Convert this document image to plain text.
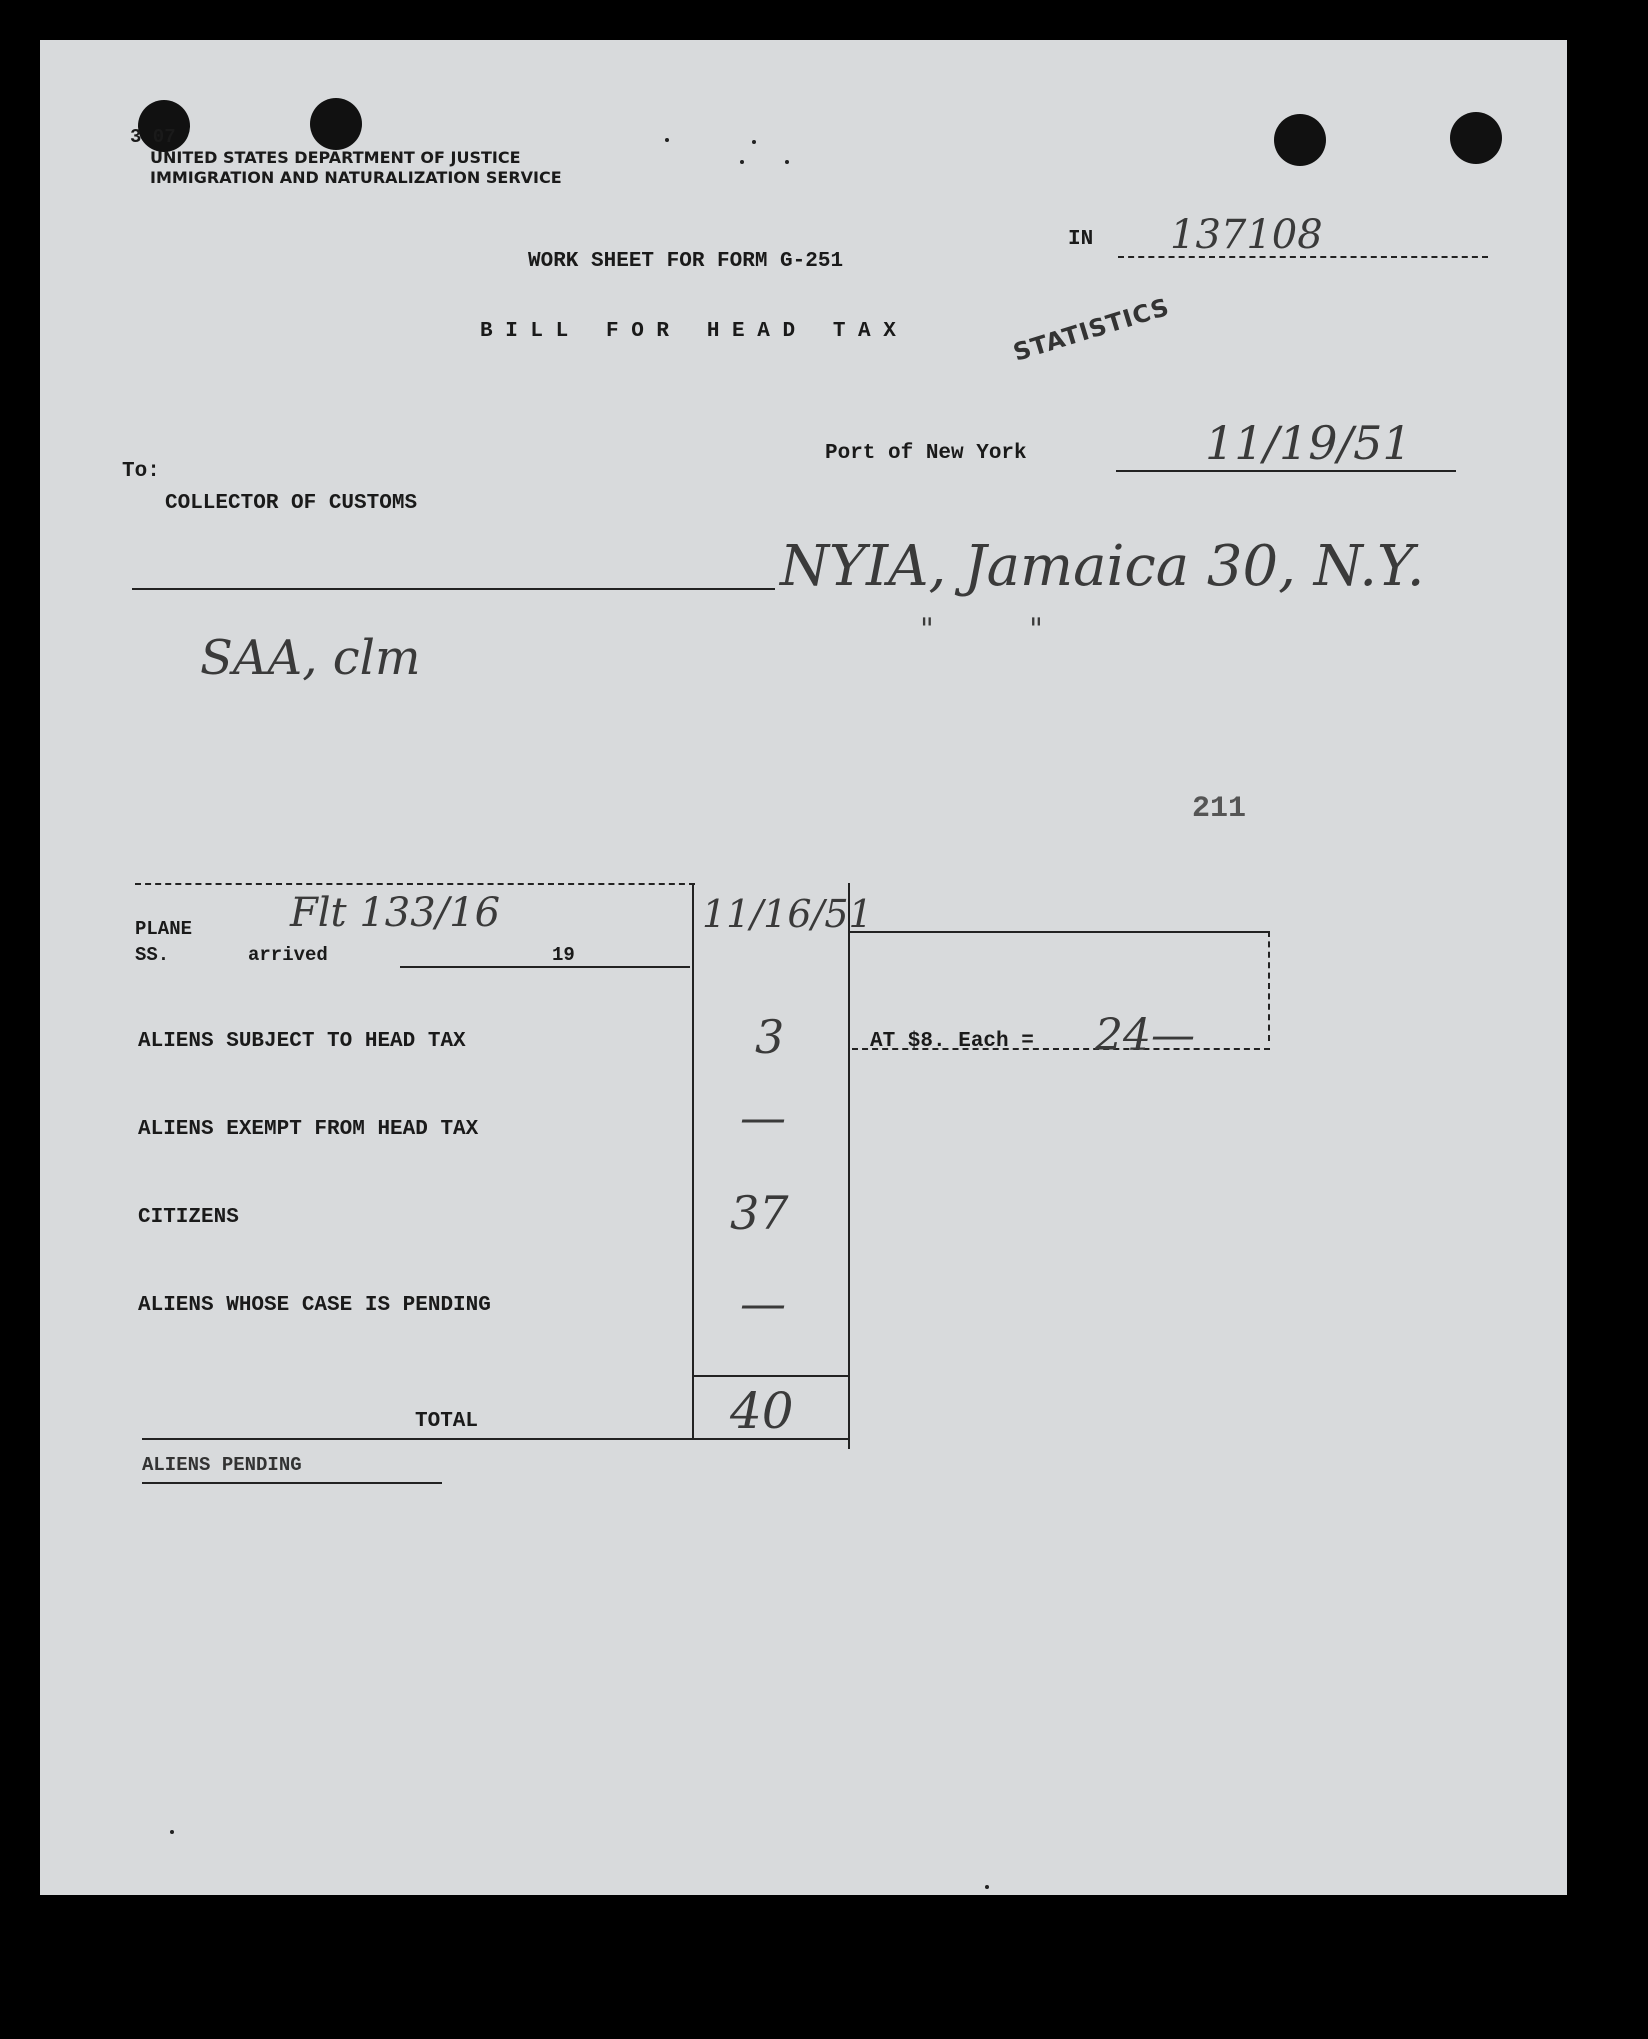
3 07
UNITED STATES DEPARTMENT OF JUSTICE
IMMIGRATION AND NATURALIZATION SERVICE
WORK SHEET FOR FORM G-251
B I L L   F O R   H E A D   T A X
IN 137108
STATISTICS
Port of New York	11/19/51
To:
COLLECTOR OF CUSTOMS
NYIA, Jamaica 30, N.Y.
"          "
SAA, clm
211
PLANE
SS.	arrived	19
Flt 133/16	11/16/51
ALIENS SUBJECT TO HEAD TAX	3
ALIENS EXEMPT FROM HEAD TAX	—
CITIZENS	37
ALIENS WHOSE CASE IS PENDING	—
TOTAL	40
AT $8. Each = 24—
ALIENS PENDING
